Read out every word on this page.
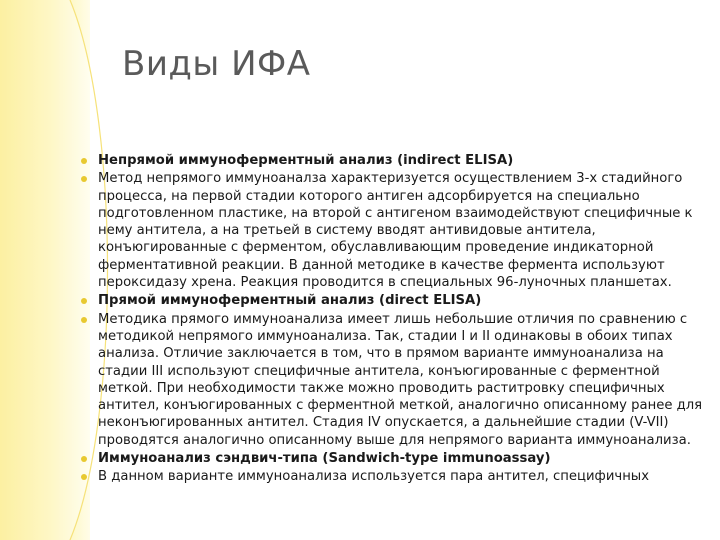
Виды ИФА
Непрямой иммуноферментный анализ (indirect ELISA)
Метод непрямого иммуноаналза характеризуется осуществлением 3-х стадийного процесса, на первой стадии которого антиген адсорбируется на специально подготовленном пластике, на второй с антигеном взаимодействуют специфичные к нему антитела, а на третьей в систему вводят антивидовые антитела, конъюгированные с ферментом, обуславливающим проведение индикаторной ферментативной реакции. В данной методике в качестве фермента используют пероксидазу хрена. Реакция проводится в специальных 96-луночных планшетах.
Прямой иммуноферментный анализ (direct ELISA)
Методика прямого иммуноанализа имеет лишь небольшие отличия по сравнению с методикой непрямого иммуноанализа. Так, стадии I и II одинаковы в обоих типах анализа. Отличие заключается в том, что в прямом варианте иммуноанализа на стадии III используют специфичные антитела, конъюгированные с ферментной меткой. При необходимости также можно проводить раститровку специфичных антител, конъюгированных с ферментной меткой, аналогично описанному ранее для неконъюгированных антител. Стадия IV опускается, а дальнейшие стадии (V-VII) проводятся аналогично описанному выше для непрямого варианта иммуноанализа.
Иммуноанализ сэндвич-типа (Sandwich-type immunoassay)
В данном варианте иммуноанализа используется пара антител, специфичных
